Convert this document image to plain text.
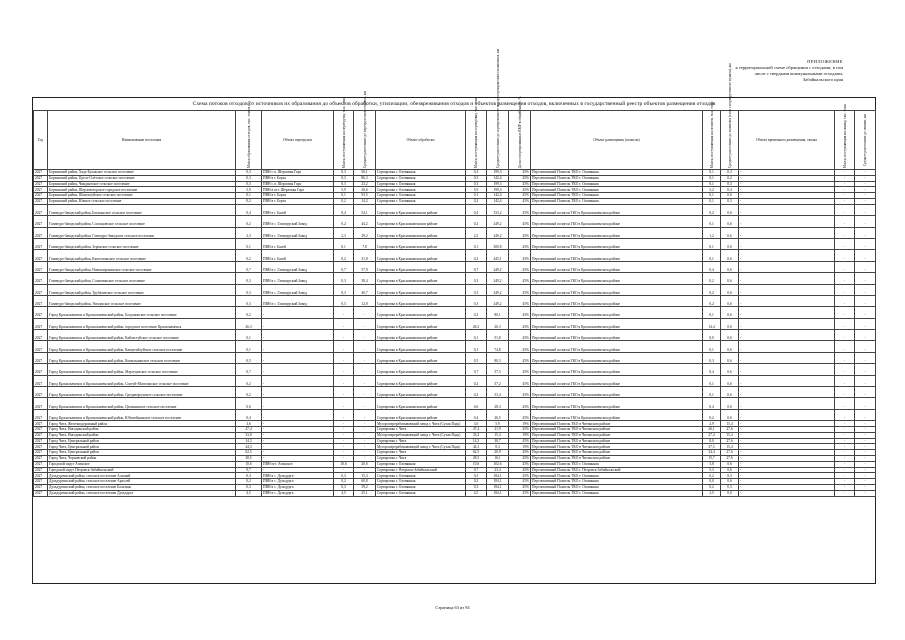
ПРИЛОЖЕНИЕ
к территориальной схеме обращения с отходами, в том
числе с твердыми коммунальными отходами,
Забайкальского края
Схема потоков отходов от источников их образования до объектов обработки, утилизации, обезвреживания отходов и объектов размещения отходов, включенных в государственный реестр объектов размещения отходов
Год	Наименование поселения	Масса образования отходов, тыс. тонн в год	Объект перегрузки	Масса, поступающая на перегрузку, тыс. тонн	Среднее расстояние до перегрузочного пункта, км	Объект обработки	Масса, поступающая на сортировку, тыс. тонн	Среднее расстояние до сортировочного мусоросортировочного комплекса, км	Доля отсортированных ВМР в общей массе, %	Объект размещения (полигон)	Масса, поступающая на полигон, тыс. тонн	Среднее расстояние до полигона (если с перегрузочного пункта), км	Объект временного размещения, свалка	Масса, поступающая на свалку, тыс. тонн	Среднее расстояние до свалки, км

2027	Борзинский район, Хада-Булакское сельское поселение	0,3	ПВН с.п. Шерловая Гора	0,3	56,1	Сортировка г. Оловянная	0,3	199,3	45%	Перспективный Полигон ТКО г. Оловянная	0,1	0,3	-	-	-
2027	Борзинский район, Цугол-Олётское сельское поселение	0,3	ПВН в г. Борзя	0,3	86,3	Сортировка г. Оловянная	0,3	142,4	45%	Перспективный Полигон ТКО г. Оловянная	0,1	0,2	-	-	-
2027	Борзинский район, Чиндантское сельское поселение	0,3	ПВН с.п. Шерловая Гора	0,3	23,2	Сортировка г. Оловянная	0,3	199,3	45%	Перспективный Полигон ТКО г. Оловянная	0,1	0,3	-	-	-
2027	Борзинский район, Шерловогорское городское поселение	5,9	ПВН в пгт. Шерловая Гора	5,9	20,6	Сортировка г. Оловянная	5,9	199,3	45%	Перспективный Полигон ТКО г. Оловянная	3,2	0,4	-	-	-
2027	Борзинский район, Шоноктуйское сельское поселение	0,1	ПВН в г. Борзя	0,1	93,5	Сортировка г. Оловянная	0,1	142,4	45%	Перспективный Полигон ТКО г. Оловянная	0,1	0,6	-	-	-
2027	Борзинский район, Южное сельское поселение	0,2	ПВН в г. Борзя	0,2	14,2	Сортировка г. Оловянная	0,2	142,4	45%	Перспективный Полигон ТКО г. Оловянная	0,1	0,3	-	-	-
2027	Газимуро-Заводский район, Батаканское сельское поселение	0,4	ПВН в г. Балей	0,4	54,1	Сортировка в Краснокаменском районе	0,4	333,2	45%	Перспективный полигон ТКО в Краснокаменском районе	0,2	0,6	-	-	-
2027	Газимуро-Заводский район, Солонцовское сельское поселение	0,2	ПВН в с. Газимурский Завод	0,2	44,2	Сортировка в Краснокаменском районе	0,2	249,2	45%	Перспективный полигон ТКО в Краснокаменском районе	0,1	0,6	-	-	-
2027	Газимуро-Заводский район, Газимуро-Заводское сельское поселение	2,3	ПВН в с. Газимурский Завод	2,3	29,2	Сортировка в Краснокаменском районе	2,3	249,2	45%	Перспективный полигон ТКО в Краснокаменском районе	1,2	0,6	-	-	-
2027	Газимуро-Заводский район, Зеренское сельское поселение	0,1	ПВН в г. Балей	0,1	7,8	Сортировка в Краснокаменском районе	0,1	300,8	45%	Перспективный полигон ТКО в Краснокаменском районе	0,1	0,6	-	-	-
2027	Газимуро-Заводский район, Кактолгинское сельское поселение	0,2	ПВН в г. Балей	0,2	31,8	Сортировка в Краснокаменском районе	0,2	445,1	45%	Перспективный полигон ТКО в Краснокаменском районе	0,1	0,6	-	-	-
2027	Газимуро-Заводский район, Новоширокинское сельское поселение	0,7	ПВН в с. Газимурский Завод	0,7	57,9	Сортировка в Краснокаменском районе	0,7	249,2	45%	Перспективный полигон ТКО в Краснокаменском районе	0,4	0,6	-	-	-
2027	Газимуро-Заводский район, Солнечинское сельское поселение	0,3	ПВН в с. Газимурский Завод	0,3	38,4	Сортировка в Краснокаменском районе	0,3	249,2	45%	Перспективный полигон ТКО в Краснокаменском районе	0,2	0,6	-	-	-
2027	Газимуро-Заводский район, Трубачевское сельское поселение	0,3	ПВН в с. Газимурский Завод	0,3	40,7	Сортировка в Краснокаменском районе	0,3	249,2	45%	Перспективный полигон ТКО в Краснокаменском районе	0,2	0,6	-	-	-
2027	Газимуро-Заводский район, Ушмунское сельское поселение	0,3	ПВН в с. Газимурский Завод	0,3	12,8	Сортировка в Краснокаменском районе	0,3	249,2	45%	Перспективный полигон ТКО в Краснокаменском районе	0,2	0,6	-	-	-
2027	Город Краснокаменск и Краснокаменский район, Богдановское сельское поселение	0,2	-	-	-	Сортировка в Краснокаменском районе	0,2	80,1	45%	Перспективный полигон ТКО в Краснокаменском районе	0,1	0,6	-	-	-
2027	Город Краснокаменск и Краснокаменский район, городское поселение Краснокаменск	26,3	-	-	-	Сортировка в Краснокаменском районе	26,3	26,3	45%	Перспективный полигон ТКО в Краснокаменском районе	14,4	0,6	-	-	-
2027	Город Краснокаменск и Краснокаменский район, Кайластуйское сельское поселение	0,1	-	-	-	Сортировка в Краснокаменском районе	0,1	51,8	45%	Перспективный полигон ТКО в Краснокаменском районе	0,0	0,6	-	-	-
2027	Город Краснокаменск и Краснокаменский район, Капцегайтуйское сельское поселение	0,1	-	-	-	Сортировка в Краснокаменском районе	0,1	74,8	45%	Перспективный полигон ТКО в Краснокаменском районе	0,1	0,6	-	-	-
2027	Город Краснокаменск и Краснокаменский район, Ковыльнинское сельское поселение	0,5	-	-	-	Сортировка в Краснокаменском районе	0,5	80,3	45%	Перспективный полигон ТКО в Краснокаменском районе	0,3	0,6	-	-	-
2027	Город Краснокаменск и Краснокаменский район, Маргуцекское сельское поселение	0,7	-	-	-	Сортировка в Краснокаменском районе	0,7	57,3	45%	Перспективный полигон ТКО в Краснокаменском районе	0,4	0,6	-	-	-
2027	Город Краснокаменск и Краснокаменский район, Соктуй-Милозанское сельское поселение	0,2	-	-	-	Сортировка в Краснокаменском районе	0,2	57,2	45%	Перспективный полигон ТКО в Краснокаменском районе	0,1	0,6	-	-	-
2027	Город Краснокаменск и Краснокаменский район, Среднеаргунское сельское поселение	0,2	-	-	-	Сортировка в Краснокаменском районе	0,2	53,4	45%	Перспективный полигон ТКО в Краснокаменском районе	0,1	0,6	-	-	-
2027	Город Краснокаменск и Краснокаменский район, Целининское сельское поселение	0,6	-	-	-	Сортировка в Краснокаменском районе	0,6	28,3	45%	Перспективный полигон ТКО в Краснокаменском районе	0,4	0,6	-	-	-
2027	Город Краснокаменск и Краснокаменский район, Юбилейнинское сельское поселение	0,4	-	-	-	Сортировка в Краснокаменском районе	0,4	26,5	45%	Перспективный полигон ТКО в Краснокаменском районе	0,2	0,6	-	-	-
2027	Город Чита, Железнодорожный район	3,6	-	-	-	Мусороперерабатывающий завод г. Чита (Сухая Падь)	3,6	5,9	19%	Перспективный Полигон ТКО в Читинском районе	2,9	15,4	-	-	-
2027	Город Чита, Ингодинский район	47,4	-	-	-	Сортировка г. Чита	47,4	21,9	45%	Перспективный Полигон ТКО в Читинском районе	26,1	27,6	-	-	-
2027	Город Чита, Ингодинский район	33,8	-	-	-	Мусороперерабатывающий завод г. Чита (Сухая Падь)	33,2	15,4	19%	Перспективный Полигон ТКО в Читинском районе	27,4	15,4	-	-	-
2027	Город Чита, Центральный район	14,3	-	-	-	Сортировка г. Чита	14,3	30,7	45%	Перспективный Полигон ТКО в Читинском районе	8,0	27,6	-	-	-
2027	Город Чита, Центральный район	44,3	-	-	-	Мусороперерабатывающий завод г. Чита (Сухая Падь)	44,3	8,3	19%	Перспективный Полигон ТКО в Читинском районе	37,5	15,4	-	-	-
2027	Город Чита, Центральный район	62,5	-	-	-	Сортировка г. Чита	62,5	20,9	45%	Перспективный Полигон ТКО в Читинском районе	34,4	27,6	-	-	-
2027	Город Чита, Черновский район	28,5	-	-	-	Сортировка г. Чита	28,5	16,1	45%	Перспективный Полигон ТКО в Читинском районе	15,7	27,6	-	-	-
2027	Городской округ Агинское	10,6	ПВН пгт. Агинское	10,6	20,6	Сортировка г. Оловянная	10,6	102,6	45%	Перспективный Полигон ТКО г. Оловянная	5,8	0,6	-	-	-
2027	Городской округ Петровск-Забайкальский	9,7	-	-	-	Сортировка г. Петровск-Забайкальский	9,7	23,4	45%	Перспективный Полигон ТКО г. Петровск-Забайкальский	5,3	0,6	-	-	-
2027	Дульдургинский район, сельское поселение Алханай	0,3	ПВН в с. Дульдурга	0,3	15,3	Сортировка г. Оловянная	0,3	184,1	45%	Перспективный Полигон ТКО г. Оловянная	0,2	0,3	-	-	-
2027	Дульдургинский район, сельское поселение Арахлей	0,2	ПВН в с. Дульдурга	0,2	60,8	Сортировка г. Оловянная	0,2	184,1	45%	Перспективный Полигон ТКО г. Оловянная	0,0	0,6	-	-	-
2027	Дульдургинский район, сельское поселение Бальзино	0,3	ПВН в с. Дульдурга	0,3	39,2	Сортировка г. Оловянная	0,3	184,1	45%	Перспективный Полигон ТКО г. Оловянная	0,2	0,3	-	-	-
2027	Дульдургинский район, сельское поселение Дульдурга	4,5	ПВН в с. Дульдурга	4,5	25,1	Сортировка г. Оловянная	4,5	184,1	45%	Перспективный Полигон ТКО г. Оловянная	2,5	0,0	-	-	-
Страница 63 из 94
